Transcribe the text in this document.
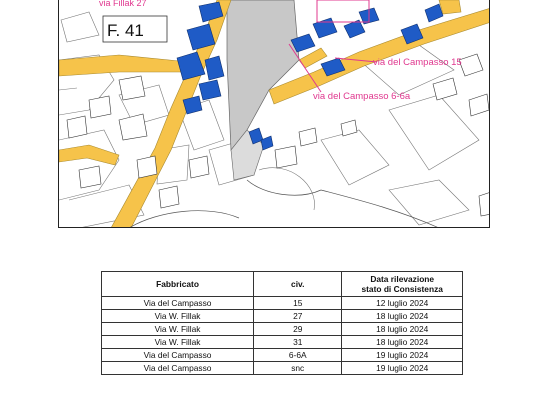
F. 41
via Fillak 27
via del Campasso 15
via del Campasso 6-6a
Fabbricato	civ.	Data rilevazione
stato di Consistenza

Via del Campasso	15	12 luglio 2024
Via W. Fillak	27	18 luglio 2024
Via W. Fillak	29	18 luglio 2024
Via W. Fillak	31	18 luglio 2024
Via del Campasso	6-6A	19 luglio 2024
Via del Campasso	snc	19 luglio 2024
